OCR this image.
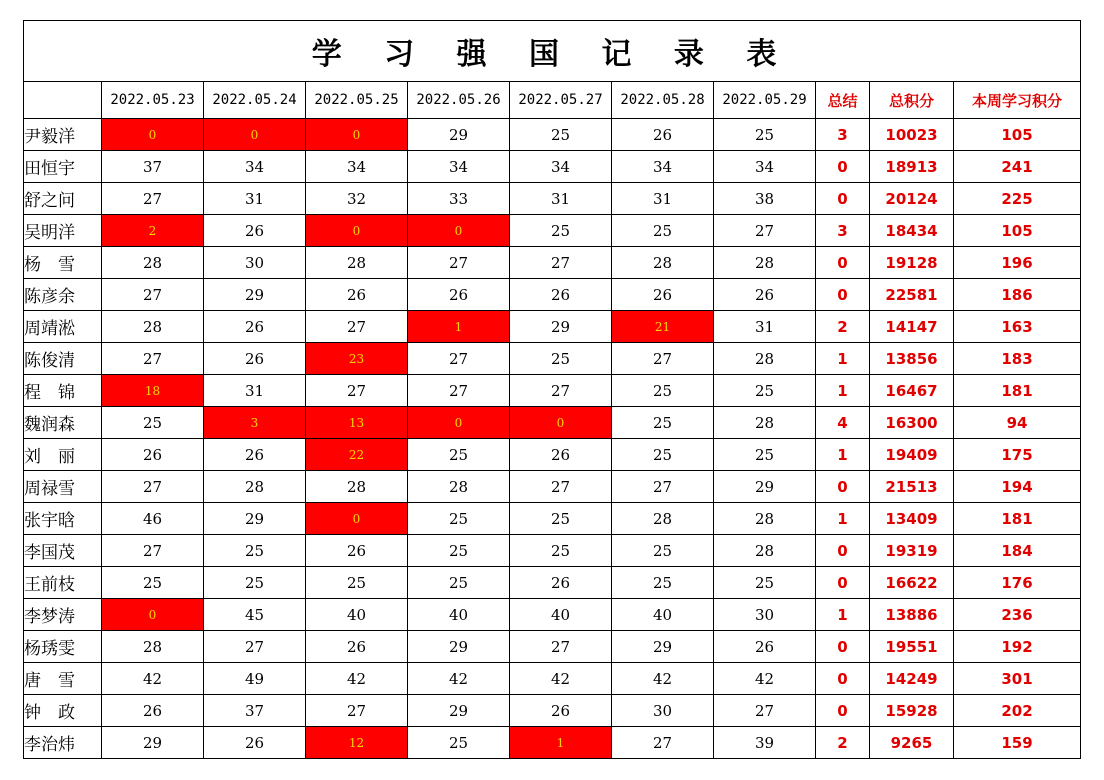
学 习 强 国 记 录 表										
	2022.05.23	2022.05.24	2022.05.25	2022.05.26	2022.05.27	2022.05.28	2022.05.29	总结	总积分	本周学习积分
尹毅洋	0	0	0	29	25	26	25	3	10023	105
田恒宇	37	34	34	34	34	34	34	0	18913	241
舒之问	27	31	32	33	31	31	38	0	20124	225
吴明洋	2	26	0	0	25	25	27	3	18434	105
杨　雪	28	30	28	27	27	28	28	0	19128	196
陈彦余	27	29	26	26	26	26	26	0	22581	186
周靖淞	28	26	27	1	29	21	31	2	14147	163
陈俊清	27	26	23	27	25	27	28	1	13856	183
程　锦	18	31	27	27	27	25	25	1	16467	181
魏润森	25	3	13	0	0	25	28	4	16300	94
刘　丽	26	26	22	25	26	25	25	1	19409	175
周禄雪	27	28	28	28	27	27	29	0	21513	194
张宇晗	46	29	0	25	25	28	28	1	13409	181
李国茂	27	25	26	25	25	25	28	0	19319	184
王前枝	25	25	25	25	26	25	25	0	16622	176
李梦涛	0	45	40	40	40	40	30	1	13886	236
杨琇雯	28	27	26	29	27	29	26	0	19551	192
唐　雪	42	49	42	42	42	42	42	0	14249	301
钟　政	26	37	27	29	26	30	27	0	15928	202
李治炜	29	26	12	25	1	27	39	2	9265	159
